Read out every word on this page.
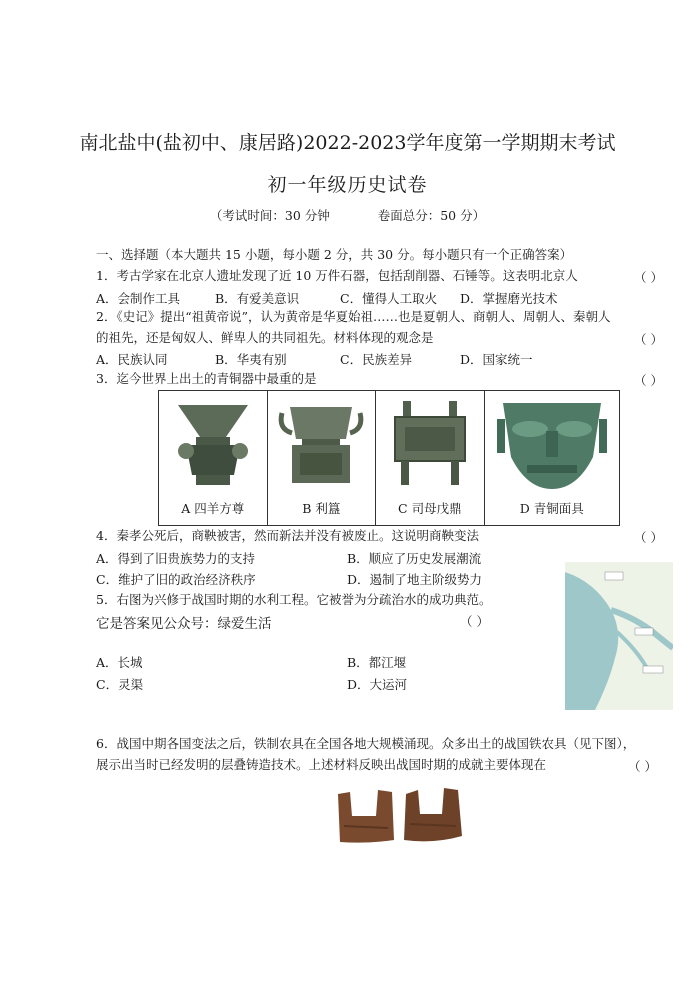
南北盐中(盐初中、康居路)2022-2023学年度第一学期期末考试
初一年级历史试卷
（考试时间：30 分钟	卷面总分：50 分）
一、选择题（本大题共 15 小题，每小题 2 分，共 30 分。每小题只有一个正确答案）
1．考古学家在北京人遗址发现了近 10 万件石器，包括刮削器、石锤等。这表明北京人	（ ）
A．会制作工具	B．有爱美意识	C．懂得人工取火 D．掌握磨光技术
2．《史记》提出“祖黄帝说”，认为黄帝是华夏始祖……也是夏朝人、商朝人、周朝人、秦朝人
的祖先，还是匈奴人、鲜卑人的共同祖先。材料体现的观念是	（ ）
A．民族认同	B．华夷有别	C．民族差异	D．国家统一
3．迄今世界上出土的青铜器中最重的是	（ ）
A 四羊方尊	B 利簋	C 司母戊鼎	D 青铜面具
4．秦孝公死后，商鞅被害，然而新法并没有被废止。这说明商鞅变法	（ ）
A．得到了旧贵族势力的支持	B．顺应了历史发展潮流
C．维护了旧的政治经济秩序	D．遏制了地主阶级势力
5．右图为兴修于战国时期的水利工程。它被誉为分疏治水的成功典范。
它是答案见公众号：绿爱生活	（ ）
A．长城	B．都江堰
C．灵渠	D．大运河
6．战国中期各国变法之后，铁制农具在全国各地大规模涌现。众多出土的战国铁农具（见下图），
展示出当时已经发明的层叠铸造技术。上述材料反映出战国时期的成就主要体现在	（ ）
